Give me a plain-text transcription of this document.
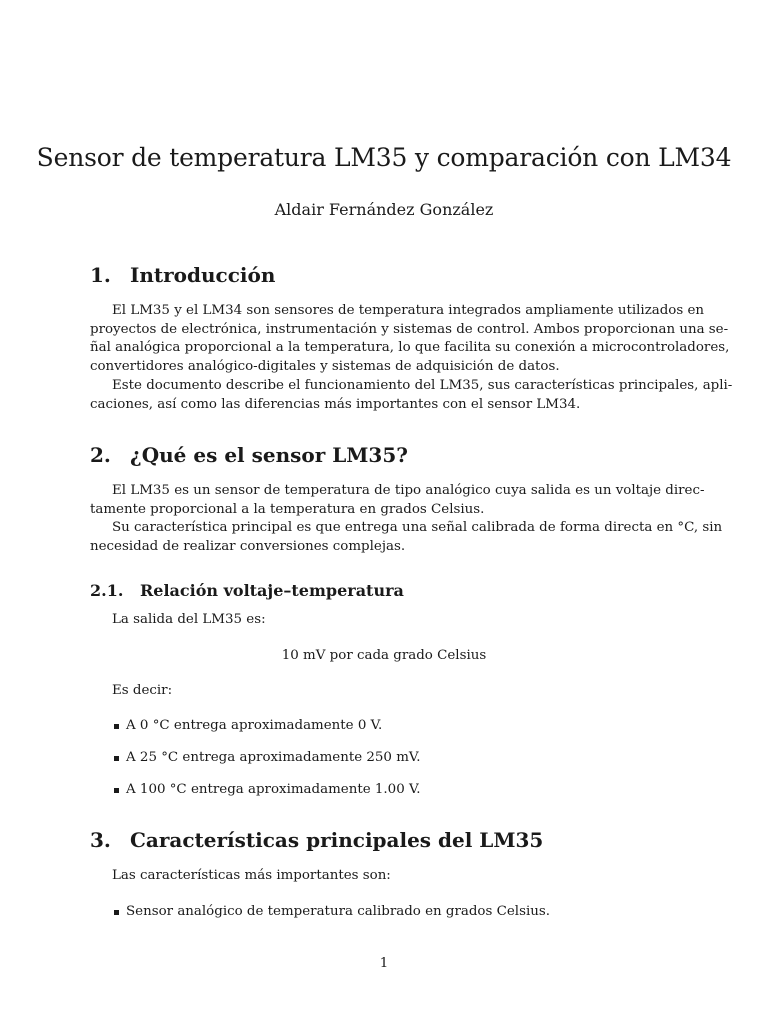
Sensor de temperatura LM35 y comparación con LM34
Aldair Fernández González
1. Introducción
El LM35 y el LM34 son sensores de temperatura integrados ampliamente utilizados en
proyectos de electrónica, instrumentación y sistemas de control. Ambos proporcionan una se-
ñal analógica proporcional a la temperatura, lo que facilita su conexión a microcontroladores,
convertidores analógico-digitales y sistemas de adquisición de datos.
Este documento describe el funcionamiento del LM35, sus características principales, apli-
caciones, así como las diferencias más importantes con el sensor LM34.
2. ¿Qué es el sensor LM35?
El LM35 es un sensor de temperatura de tipo analógico cuya salida es un voltaje direc-
tamente proporcional a la temperatura en grados Celsius.
Su característica principal es que entrega una señal calibrada de forma directa en °C, sin
necesidad de realizar conversiones complejas.
2.1. Relación voltaje–temperatura
La salida del LM35 es:
10 mV por cada grado Celsius
Es decir:
A 0 °C entrega aproximadamente 0 V.
A 25 °C entrega aproximadamente 250 mV.
A 100 °C entrega aproximadamente 1.00 V.
3. Características principales del LM35
Las características más importantes son:
Sensor analógico de temperatura calibrado en grados Celsius.
1
